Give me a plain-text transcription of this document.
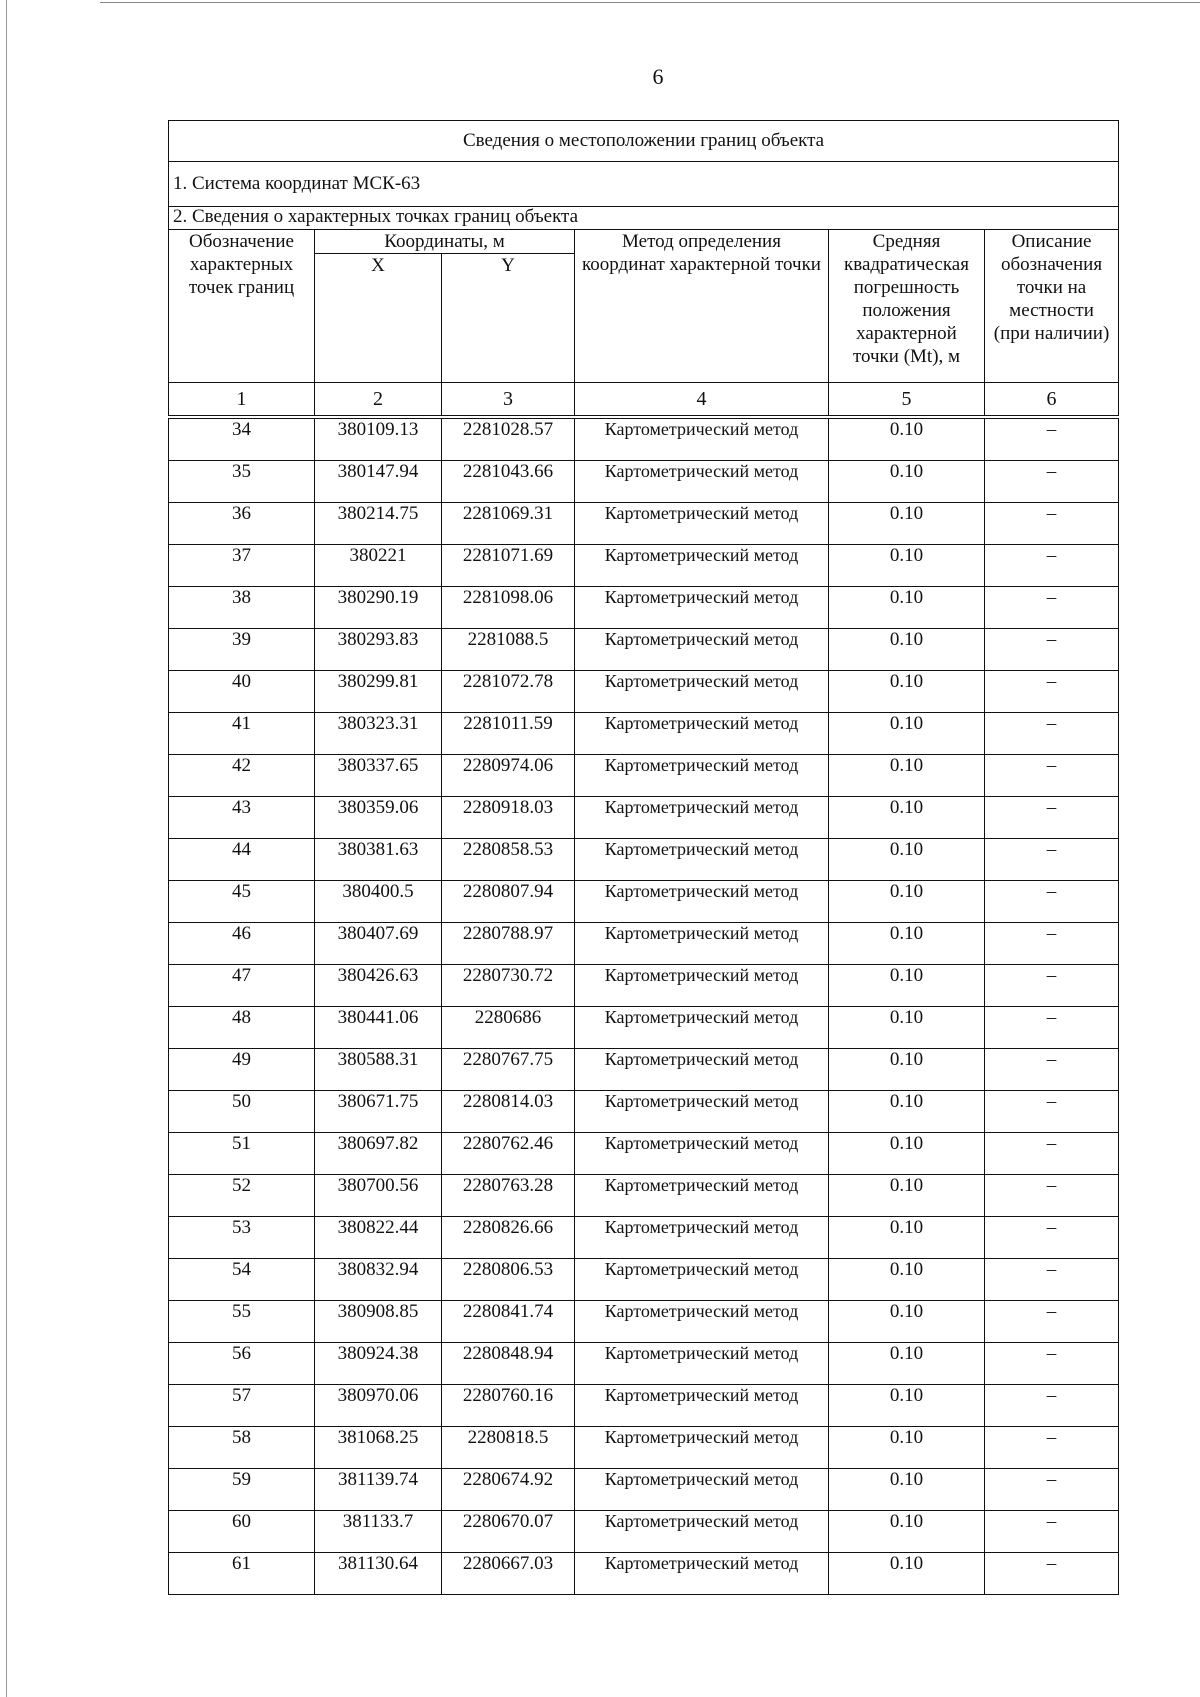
6
Сведения о местоположении границ объекта					
1. Система координат МСК-63					
2. Сведения о характерных точках границ объекта					
Обозначение характерных точек границ	Координаты, м		Метод определения координат характерной точки	Средняя квадратическая погрешность положения характерной точки (Mt), м	Описание обозначения точки на местности (при наличии)
	X	Y			
1	2	3	4	5	6

34	380109.13	2281028.57	Картометрический метод	0.10	–
35	380147.94	2281043.66	Картометрический метод	0.10	–
36	380214.75	2281069.31	Картометрический метод	0.10	–
37	380221	2281071.69	Картометрический метод	0.10	–
38	380290.19	2281098.06	Картометрический метод	0.10	–
39	380293.83	2281088.5	Картометрический метод	0.10	–
40	380299.81	2281072.78	Картометрический метод	0.10	–
41	380323.31	2281011.59	Картометрический метод	0.10	–
42	380337.65	2280974.06	Картометрический метод	0.10	–
43	380359.06	2280918.03	Картометрический метод	0.10	–
44	380381.63	2280858.53	Картометрический метод	0.10	–
45	380400.5	2280807.94	Картометрический метод	0.10	–
46	380407.69	2280788.97	Картометрический метод	0.10	–
47	380426.63	2280730.72	Картометрический метод	0.10	–
48	380441.06	2280686	Картометрический метод	0.10	–
49	380588.31	2280767.75	Картометрический метод	0.10	–
50	380671.75	2280814.03	Картометрический метод	0.10	–
51	380697.82	2280762.46	Картометрический метод	0.10	–
52	380700.56	2280763.28	Картометрический метод	0.10	–
53	380822.44	2280826.66	Картометрический метод	0.10	–
54	380832.94	2280806.53	Картометрический метод	0.10	–
55	380908.85	2280841.74	Картометрический метод	0.10	–
56	380924.38	2280848.94	Картометрический метод	0.10	–
57	380970.06	2280760.16	Картометрический метод	0.10	–
58	381068.25	2280818.5	Картометрический метод	0.10	–
59	381139.74	2280674.92	Картометрический метод	0.10	–
60	381133.7	2280670.07	Картометрический метод	0.10	–
61	381130.64	2280667.03	Картометрический метод	0.10	–
